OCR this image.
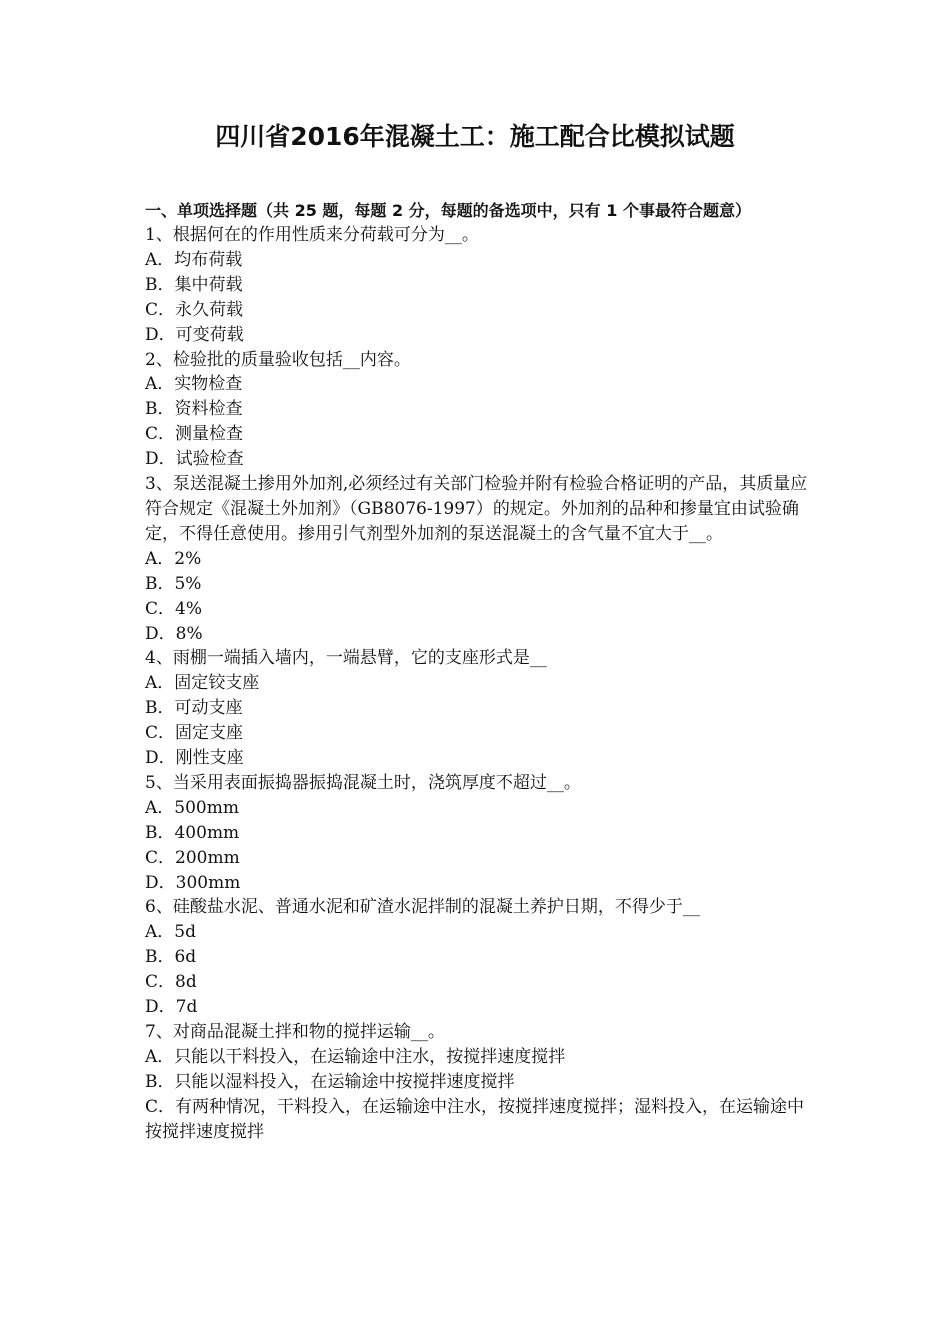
四川省2016年混凝土工：施工配合比模拟试题
一、单项选择题（共 25 题，每题 2 分，每题的备选项中，只有 1 个事最符合题意）

1、根据何在的作用性质来分荷载可分为__。

A．均布荷载

B．集中荷载

C．永久荷载

D．可变荷载

2、检验批的质量验收包括__内容。

A．实物检查

B．资料检查

C．测量检查

D．试验检查

3、泵送混凝土掺用外加剂,必须经过有关部门检验并附有检验合格证明的产品，其质量应符合规定《混凝土外加剂》（GB8076-1997）的规定。外加剂的品种和掺量宜由试验确定，不得任意使用。掺用引气剂型外加剂的泵送混凝土的含气量不宜大于__。

A．2%

B．5%

C．4%

D．8%

4、雨棚一端插入墙内，一端悬臂，它的支座形式是__

A．固定铰支座

B．可动支座

C．固定支座

D．刚性支座

5、当采用表面振捣器振捣混凝土时，浇筑厚度不超过__。

A．500mm

B．400mm

C．200mm

D．300mm

6、硅酸盐水泥、普通水泥和矿渣水泥拌制的混凝土养护日期，不得少于__

A．5d

B．6d

C．8d

D．7d

7、对商品混凝土拌和物的搅拌运输__。

A．只能以干料投入，在运输途中注水，按搅拌速度搅拌

B．只能以湿料投入，在运输途中按搅拌速度搅拌

C．有两种情况，干料投入，在运输途中注水，按搅拌速度搅拌；湿料投入，在运输途中按搅拌速度搅拌
